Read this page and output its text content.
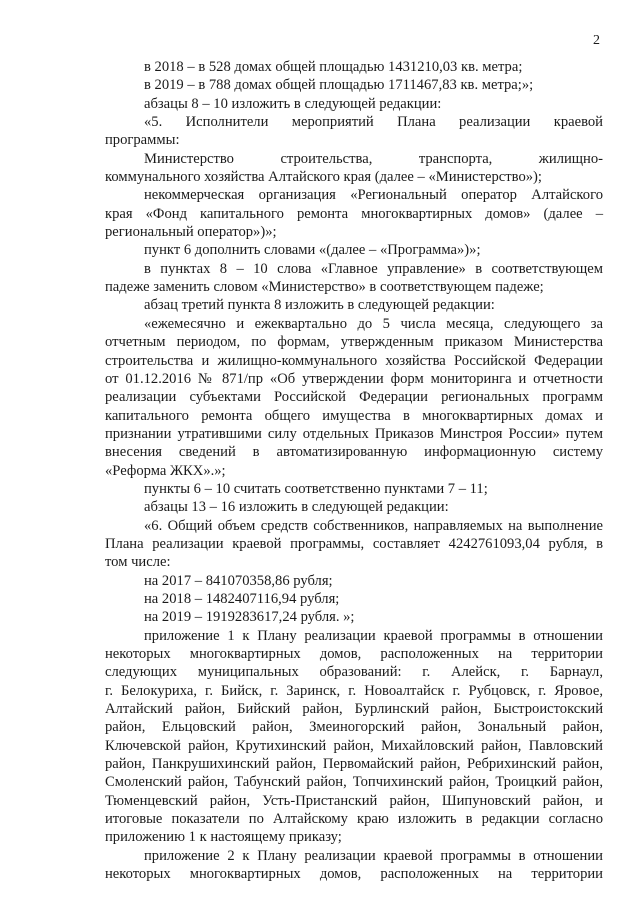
2

в 2018 – в 528 домах общей площадью 1431210,03 кв. метра;

в 2019 – в 788 домах общей площадью 1711467,83 кв. метра;»;

абзацы 8 – 10 изложить в следующей редакции:

«5. Исполнители мероприятий Плана реализации краевой

программы:

Министерство строительства, транспорта, жилищно-

коммунального хозяйства Алтайского края (далее – «Министерство»);

некоммерческая организация «Региональный оператор Алтайского

края «Фонд капитального ремонта многоквартирных домов» (далее –

региональный оператор»)»;

пункт 6 дополнить словами «(далее – «Программа»)»;

в пунктах 8 – 10 слова «Главное управление» в соответствующем

падеже заменить словом «Министерство» в соответствующем падеже;

абзац третий пункта 8 изложить в следующей редакции:

«ежемесячно и ежеквартально до 5 числа месяца, следующего за

отчетным периодом, по формам, утвержденным приказом Министерства

строительства и жилищно-коммунального хозяйства Российской Федерации

от 01.12.2016 № 871/пр «Об утверждении форм мониторинга и отчетности

реализации субъектами Российской Федерации региональных программ

капитального ремонта общего имущества в многоквартирных домах и

признании утратившими силу отдельных Приказов Минстроя России» путем

внесения сведений в автоматизированную информационную систему

«Реформа ЖКХ».»;

пункты 6 – 10 считать соответственно пунктами 7 – 11;

абзацы 13 – 16 изложить в следующей редакции:

«6. Общий объем средств собственников, направляемых на выполнение

Плана реализации краевой программы, составляет 4242761093,04 рубля, в

том числе:

на 2017 – 841070358,86 рубля;

на 2018 – 1482407116,94 рубля;

на 2019 – 1919283617,24 рубля. »;

приложение 1 к Плану реализации краевой программы в отношении

некоторых многоквартирных домов, расположенных на территории

следующих муниципальных образований: г. Алейск, г. Барнаул,

г. Белокуриха, г. Бийск, г. Заринск, г. Новоалтайск г. Рубцовск, г. Яровое,

Алтайский район, Бийский район, Бурлинский район, Быстроистокский

район, Ельцовский район, Змеиногорский район, Зональный район,

Ключевской район, Крутихинский район, Михайловский район, Павловский

район, Панкрушихинский район, Первомайский район, Ребрихинский район,

Смоленский район, Табунский район, Топчихинский район, Троицкий район,

Тюменцевский район, Усть-Пристанский район, Шипуновский район, и

итоговые показатели по Алтайскому краю изложить в редакции согласно

приложению 1 к настоящему приказу;

приложение 2 к Плану реализации краевой программы в отношении

некоторых многоквартирных домов, расположенных на территории
